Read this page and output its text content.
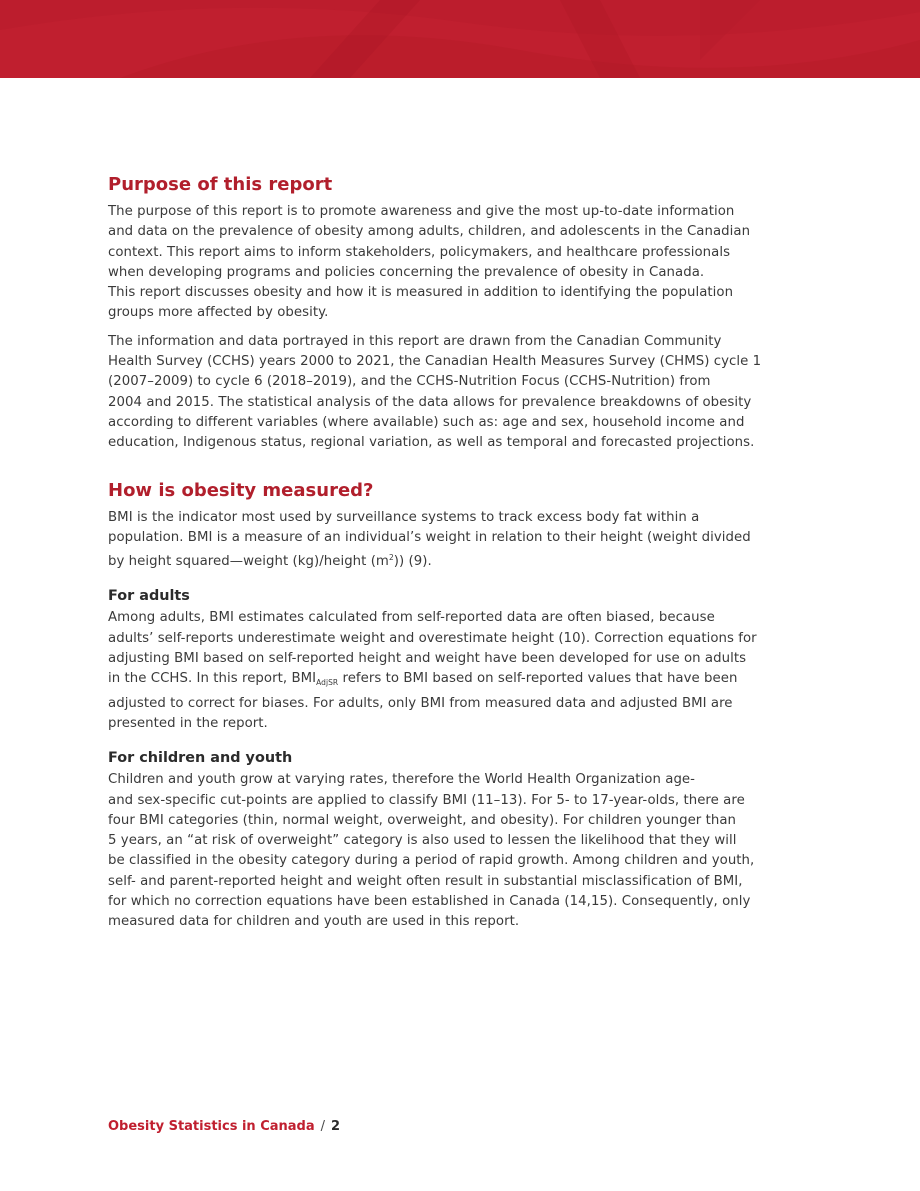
Purpose of this report

The purpose of this report is to promote awareness and give the most up-to-date information
and data on the prevalence of obesity among adults, children, and adolescents in the Canadian
context. This report aims to inform stakeholders, policymakers, and healthcare professionals
when developing programs and policies concerning the prevalence of obesity in Canada.
This report discusses obesity and how it is measured in addition to identifying the population
groups more affected by obesity.

The information and data portrayed in this report are drawn from the Canadian Community
Health Survey (CCHS) years 2000 to 2021, the Canadian Health Measures Survey (CHMS) cycle 1
(2007–2009) to cycle 6 (2018–2019), and the CCHS-Nutrition Focus (CCHS-Nutrition) from
2004 and 2015. The statistical analysis of the data allows for prevalence breakdowns of obesity
according to different variables (where available) such as: age and sex, household income and
education, Indigenous status, regional variation, as well as temporal and forecasted projections.

How is obesity measured?

BMI is the indicator most used by surveillance systems to track excess body fat within a
population. BMI is a measure of an individual’s weight in relation to their height (weight divided
by height squared—weight (kg)/height $(m^2)$) (9).

For adults

Among adults, BMI estimates calculated from self-reported data are often biased, because
adults’ self-reports underestimate weight and overestimate height (10). Correction equations for
adjusting BMI based on self-reported height and weight have been developed for use on adults
in the CCHS. In this report, $BMI_{AdjSR}$ refers to BMI based on self-reported values that have been
adjusted to correct for biases. For adults, only BMI from measured data and adjusted BMI are
presented in the report.

For children and youth

Children and youth grow at varying rates, therefore the World Health Organization age-
and sex-specific cut-points are applied to classify BMI (11–13). For 5- to 17-year-olds, there are
four BMI categories (thin, normal weight, overweight, and obesity). For children younger than
5 years, an “at risk of overweight” category is also used to lessen the likelihood that they will
be classified in the obesity category during a period of rapid growth. Among children and youth,
self- and parent-reported height and weight often result in substantial misclassification of BMI,
for which no correction equations have been established in Canada (14,15). Consequently, only
measured data for children and youth are used in this report.

Obesity Statistics in Canada / 2
